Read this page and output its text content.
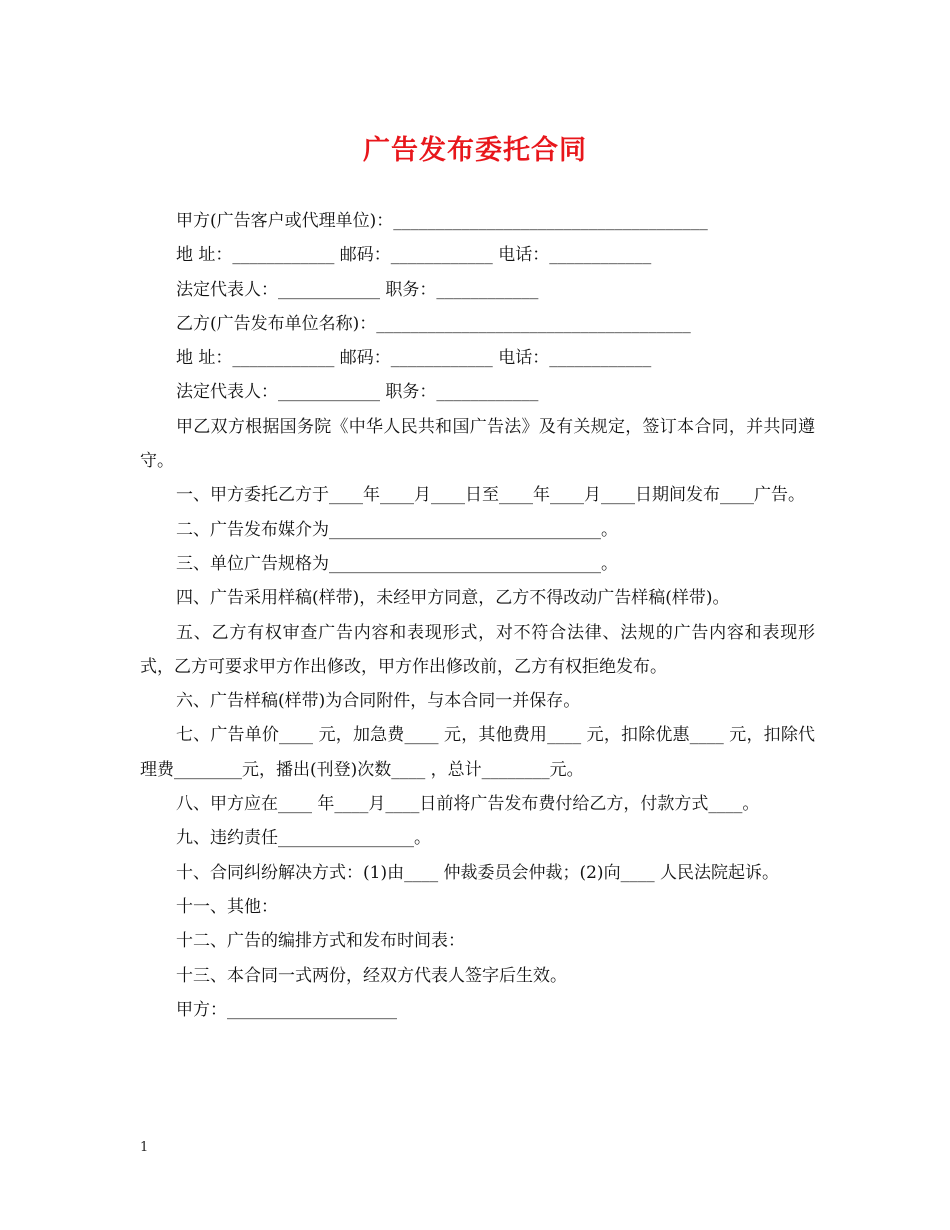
广告发布委托合同

甲方(广告客户或代理单位)：_____________________________________

地 址：____________ 邮码：____________ 电话：____________

法定代表人：____________ 职务：____________

乙方(广告发布单位名称)：_____________________________________

地 址：____________ 邮码：____________ 电话：____________

法定代表人：____________ 职务：____________

甲乙双方根据国务院《中华人民共和国广告法》及有关规定，签订本合同，并共同遵守。

一、甲方委托乙方于____年____月____日至____年____月____日期间发布____广告。

二、广告发布媒介为________________________________。

三、单位广告规格为________________________________。

四、广告采用样稿(样带)，未经甲方同意，乙方不得改动广告样稿(样带)。

五、乙方有权审查广告内容和表现形式，对不符合法律、法规的广告内容和表现形式，乙方可要求甲方作出修改，甲方作出修改前，乙方有权拒绝发布。

六、广告样稿(样带)为合同附件，与本合同一并保存。

七、广告单价____ 元，加急费____ 元，其他费用____ 元，扣除优惠____ 元，扣除代理费________元，播出(刊登)次数____ ，总计________元。

八、甲方应在____ 年____月____日前将广告发布费付给乙方，付款方式____。

九、违约责任________________。

十、合同纠纷解决方式：(1)由____ 仲裁委员会仲裁；(2)向____ 人民法院起诉。

十一、其他：

十二、广告的编排方式和发布时间表：

十三、本合同一式两份，经双方代表人签字后生效。

甲方：____________________

1
